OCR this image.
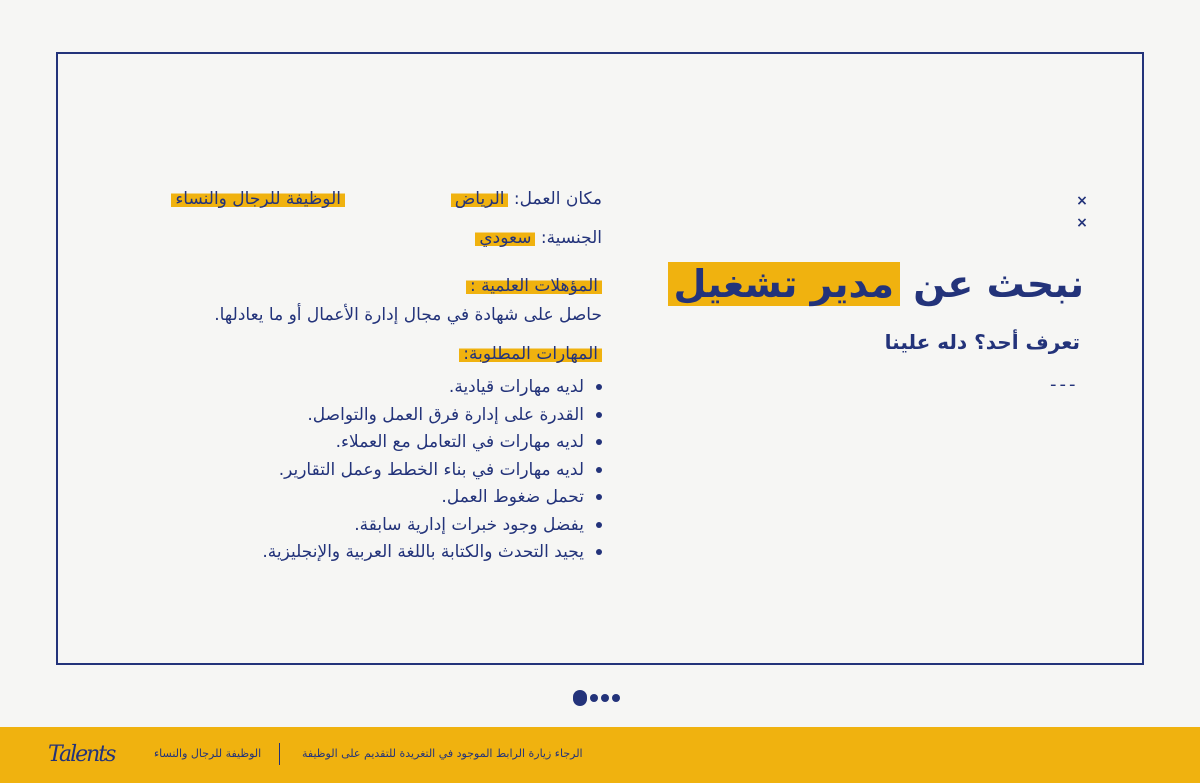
×
×
نبحث عن مدير تشغيل
تعرف أحد؟ دله علينا
---
مكان العمل: الرياض
الوظيفة للرجال والنساء
الجنسية: سعودي
المؤهلات العلمية :
حاصل على شهادة في مجال إدارة الأعمال أو ما يعادلها.
المهارات المطلوبة:
لديه مهارات قيادية.
القدرة على إدارة فرق العمل والتواصل.
لديه مهارات في التعامل مع العملاء.
لديه مهارات في بناء الخطط وعمل التقارير.
تحمل ضغوط العمل.
يفضل وجود خبرات إدارية سابقة.
يجيد التحدث والكتابة باللغة العربية والإنجليزية.
Talents	الوظيفة للرجال والنساء	الرجاء زيارة الرابط الموجود في التغريدة للتقديم على الوظيفة
